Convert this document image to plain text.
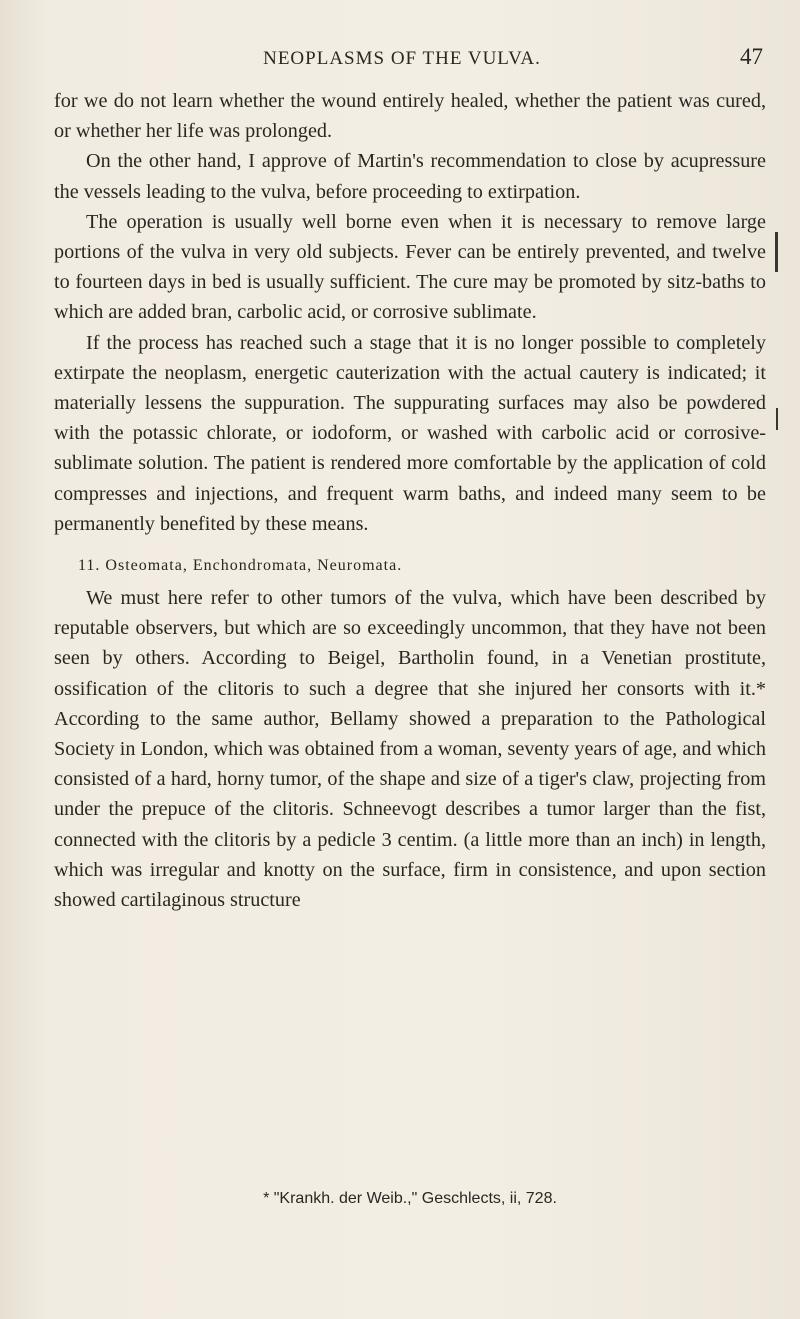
NEOPLASMS OF THE VULVA.	47

for we do not learn whether the wound entirely healed, whether the patient was cured, or whether her life was prolonged.

On the other hand, I approve of Martin's recommendation to close by acupressure the vessels leading to the vulva, before proceeding to extirpation.

The operation is usually well borne even when it is necessary to remove large portions of the vulva in very old subjects. Fever can be entirely prevented, and twelve to fourteen days in bed is usually sufficient. The cure may be promoted by sitz-baths to which are added bran, carbolic acid, or corrosive sublimate.

If the process has reached such a stage that it is no longer possible to completely extirpate the neoplasm, energetic cauterization with the actual cautery is indicated; it materially lessens the suppuration. The suppurating surfaces may also be powdered with the potassic chlorate, or iodoform, or washed with carbolic acid or corrosive-sublimate solution. The patient is rendered more comfortable by the application of cold compresses and injections, and frequent warm baths, and indeed many seem to be permanently benefited by these means.

11. Osteomata, Enchondromata, Neuromata.

We must here refer to other tumors of the vulva, which have been described by reputable observers, but which are so exceedingly uncommon, that they have not been seen by others. According to Beigel, Bartholin found, in a Venetian prostitute, ossification of the clitoris to such a degree that she injured her consorts with it.* According to the same author, Bellamy showed a preparation to the Pathological Society in London, which was obtained from a woman, seventy years of age, and which consisted of a hard, horny tumor, of the shape and size of a tiger's claw, projecting from under the prepuce of the clitoris. Schneevogt describes a tumor larger than the fist, connected with the clitoris by a pedicle 3 centim. (a little more than an inch) in length, which was irregular and knotty on the surface, firm in consistence, and upon section showed cartilaginous structure

* "Krankh. der Weib.," Geschlects, ii, 728.
